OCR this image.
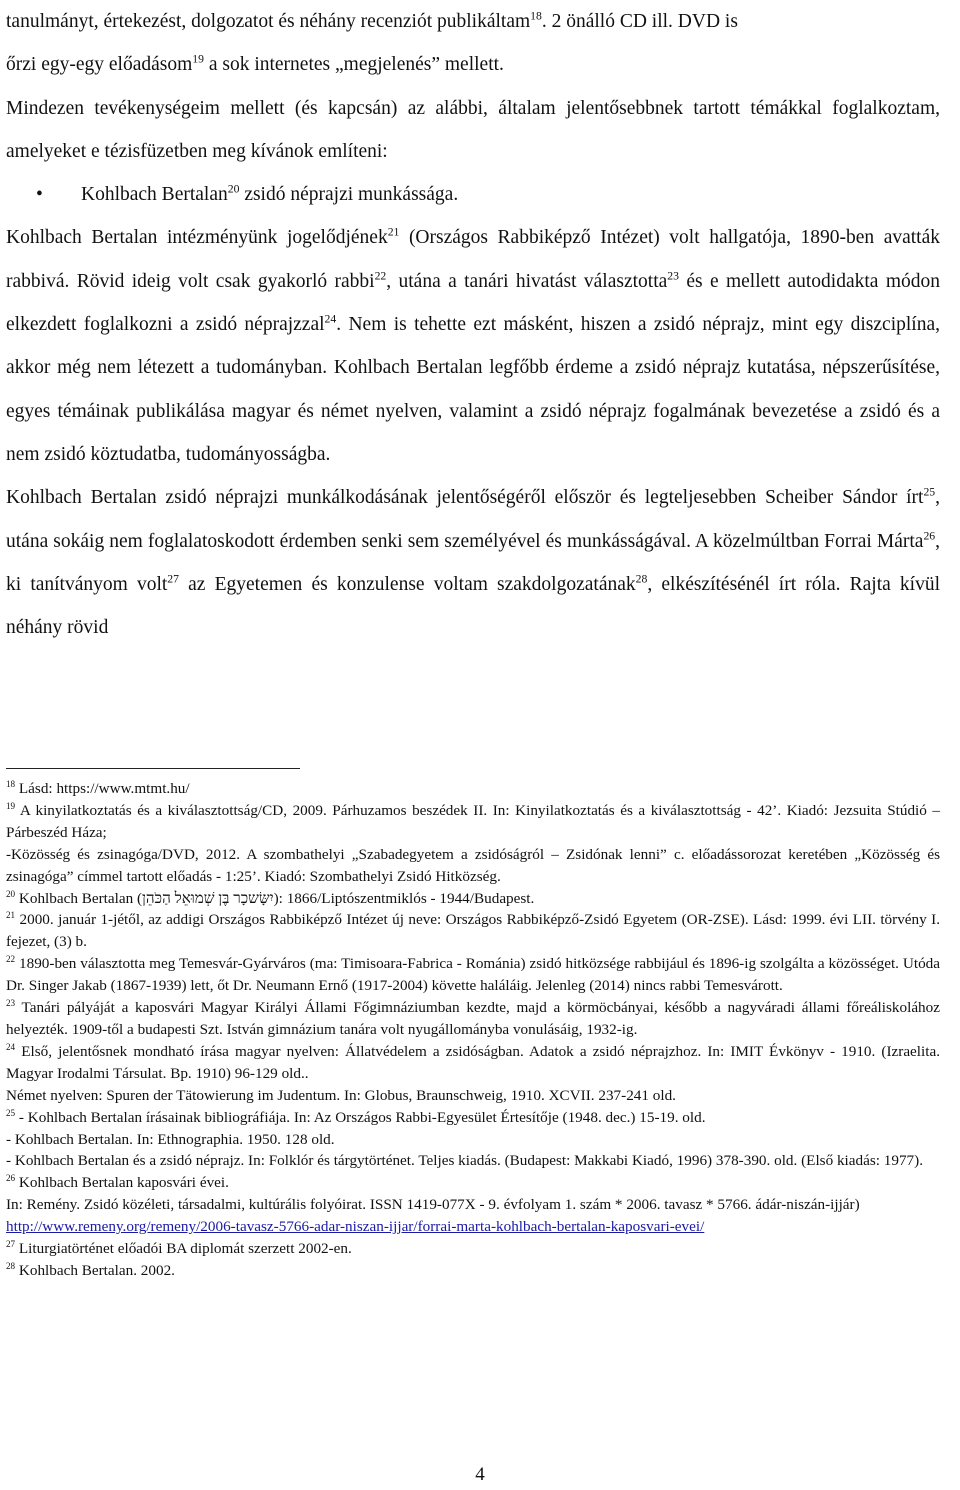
tanulmányt, értekezést, dolgozatot és néhány recenziót publikáltam$^{18}$. 2 önálló CD ill. DVD is

őrzi egy-egy előadásom$^{19}$ a sok internetes „megjelenés” mellett.

Mindezen tevékenységeim mellett (és kapcsán) az alábbi, általam jelentősebbnek tartott témákkal foglalkoztam, amelyeket e tézisfüzetben meg kívánok említeni:

• Kohlbach Bertalan$^{20}$ zsidó néprajzi munkássága.

Kohlbach Bertalan intézményünk jogelődjének$^{21}$ (Országos Rabbiképző Intézet) volt hallgatója, 1890-ben avatták rabbivá. Rövid ideig volt csak gyakorló rabbi$^{22}$, utána a tanári hivatást választotta$^{23}$ és e mellett autodidakta módon elkezdett foglalkozni a zsidó néprajzzal$^{24}$. Nem is tehette ezt másként, hiszen a zsidó néprajz, mint egy diszciplína, akkor még nem létezett a tudományban. Kohlbach Bertalan legfőbb érdeme a zsidó néprajz kutatása, népszerűsítése, egyes témáinak publikálása magyar és német nyelven, valamint a zsidó néprajz fogalmának bevezetése a zsidó és a nem zsidó köztudatba, tudományosságba.

Kohlbach Bertalan zsidó néprajzi munkálkodásának jelentőségéről először és legteljesebben Scheiber Sándor írt$^{25}$, utána sokáig nem foglalatoskodott érdemben senki sem személyével és munkásságával. A közelmúltban Forrai Márta$^{26}$, ki tanítványom volt$^{27}$ az Egyetemen és konzulense voltam szakdolgozatának$^{28}$, elkészítésénél írt róla. Rajta kívül néhány rövid

$^{18}$ Lásd: https://www.mtmt.hu/

$^{19}$ A kinyilatkoztatás és a kiválasztottság/CD, 2009. Párhuzamos beszédek II. In: Kinyilatkoztatás és a kiválasztottság - 42’. Kiadó: Jezsuita Stúdió – Párbeszéd Háza;

-Közösség és zsinagóga/DVD, 2012. A szombathelyi „Szabadegyetem a zsidóságról – Zsidónak lenni” c. előadássorozat keretében „Közösség és zsinagóga” címmel tartott előadás - 1:25’. Kiadó: Szombathelyi Zsidó Hitközség.

$^{20}$ Kohlbach Bertalan (יִשָּׂשכָר בֶּן שְׁמוּאֵל הַכֹּהֵן): 1866/Liptószentmiklós - 1944/Budapest.

$^{21}$ 2000. január 1-jétől, az addigi Országos Rabbiképző Intézet új neve: Országos Rabbiképző-Zsidó Egyetem (OR-ZSE). Lásd: 1999. évi LII. törvény I. fejezet, (3) b.

$^{22}$ 1890-ben választotta meg Temesvár-Gyárváros (ma: Timisoara-Fabrica - Románia) zsidó hitközsége rabbijául és 1896-ig szolgálta a közösséget. Utóda Dr. Singer Jakab (1867-1939) lett, őt Dr. Neumann Ernő (1917-2004) követte haláláig. Jelenleg (2014) nincs rabbi Temesvárott.

$^{23}$ Tanári pályáját a kaposvári Magyar Királyi Állami Főgimnáziumban kezdte, majd a körmöcbányai, később a nagyváradi állami főreáliskolához helyezték. 1909-től a budapesti Szt. István gimnázium tanára volt nyugállományba vonulásáig, 1932-ig.

$^{24}$ Első, jelentősnek mondható írása magyar nyelven: Állatvédelem a zsidóságban. Adatok a zsidó néprajzhoz. In: IMIT Évkönyv - 1910. (Izraelita. Magyar Irodalmi Társulat. Bp. 1910) 96-129 old..

Német nyelven: Spuren der Tätowierung im Judentum. In: Globus, Braunschweig, 1910. XCVII. 237-241 old.

$^{25}$ - Kohlbach Bertalan írásainak bibliográfiája. In: Az Országos Rabbi-Egyesület Értesítője (1948. dec.) 15-19. old.

- Kohlbach Bertalan. In: Ethnographia. 1950. 128 old.

- Kohlbach Bertalan és a zsidó néprajz. In: Folklór és tárgytörténet. Teljes kiadás. (Budapest: Makkabi Kiadó, 1996) 378-390. old. (Első kiadás: 1977).

$^{26}$ Kohlbach Bertalan kaposvári évei.

In: Remény. Zsidó közéleti, társadalmi, kultúrális folyóirat. ISSN 1419-077X - 9. évfolyam 1. szám * 2006. tavasz * 5766. ádár-niszán-ijjár)

http://www.remeny.org/remeny/2006-tavasz-5766-adar-niszan-ijjar/forrai-marta-kohlbach-bertalan-kaposvari-evei/

$^{27}$ Liturgiatörténet előadói BA diplomát szerzett 2002-en.

$^{28}$ Kohlbach Bertalan. 2002.

4
